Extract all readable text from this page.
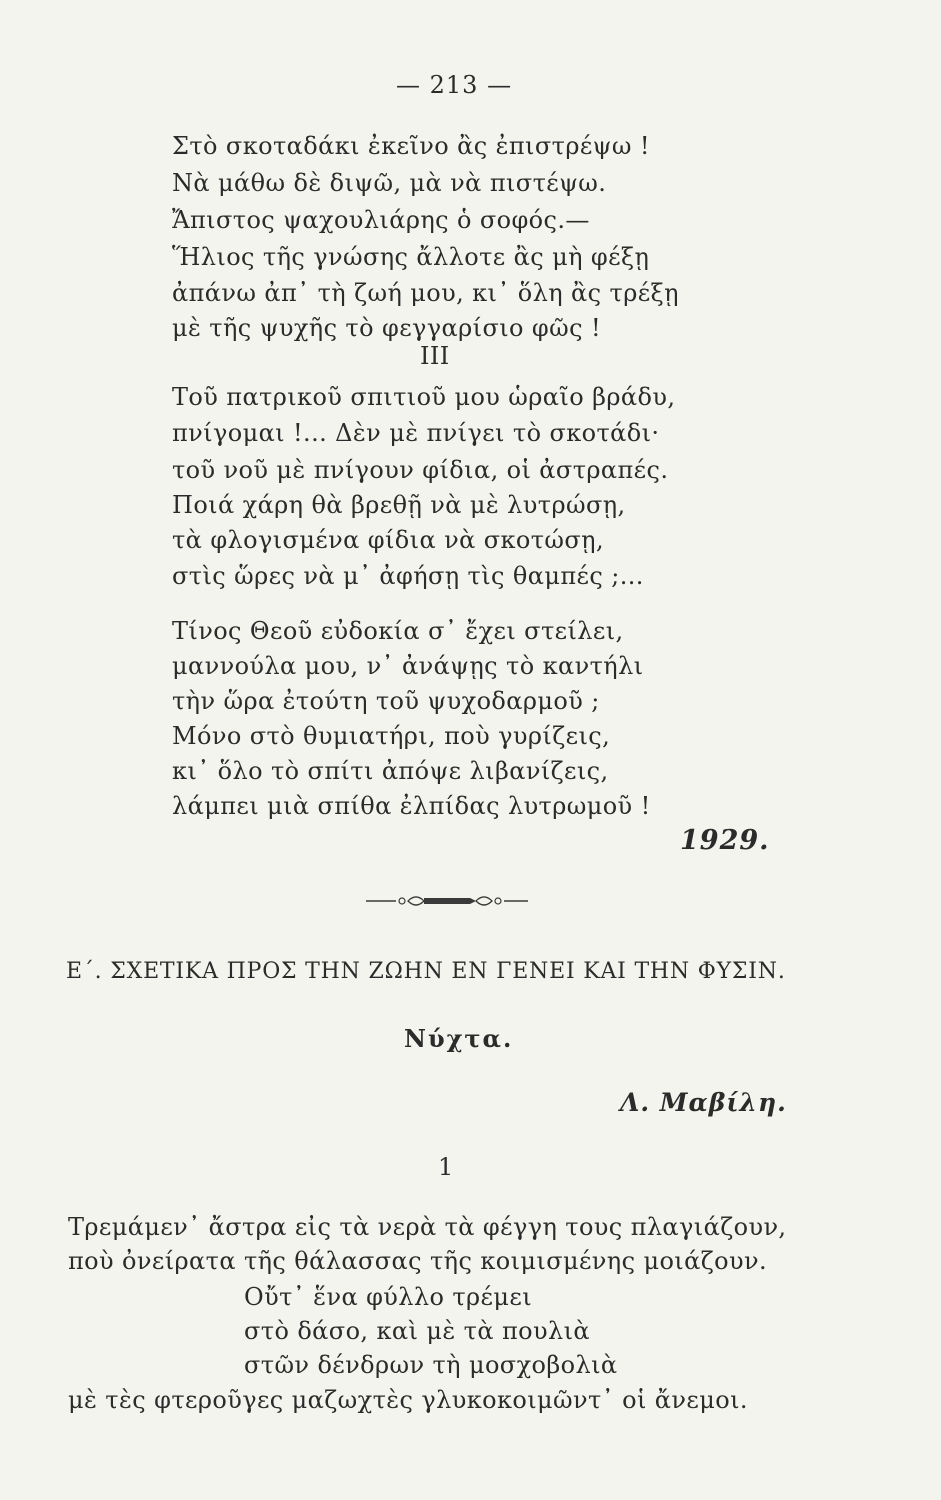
— 213 —
Στὸ σκοταδάκι ἐκεῖνο ἂς ἐπιστρέψω !
Νὰ μάθω δὲ διψῶ, μὰ νὰ πιστέψω.
Ἄπιστος ψαχουλιάρης ὁ σοφός.—
Ἥλιος τῆς γνώσης ἄλλοτε ἂς μὴ φέξῃ
ἀπάνω ἀπ᾿ τὴ ζωή μου, κι᾿ ὅλη ἂς τρέξῃ
μὲ τῆς ψυχῆς τὸ φεγγαρίσιο φῶς !
III
Τοῦ πατρικοῦ σπιτιοῦ μου ὡραῖο βράδυ,
πνίγομαι !... Δὲν μὲ πνίγει τὸ σκοτάδι·
τοῦ νοῦ μὲ πνίγουν φίδια, οἱ ἀστραπές.
Ποιά χάρη θὰ βρεθῇ νὰ μὲ λυτρώσῃ,
τὰ φλογισμένα φίδια νὰ σκοτώσῃ,
στὶς ὥρες νὰ μ᾿ ἀφήσῃ τὶς θαμπές ;...
Τίνος Θεοῦ εὐδοκία σ᾿ ἔχει στείλει,
μαννούλα μου, ν᾿ ἀνάψῃς τὸ καντήλι
τὴν ὥρα ἐτούτη τοῦ ψυχοδαρμοῦ ;
Μόνο στὸ θυμιατήρι, ποὺ γυρίζεις,
κι᾿ ὅλο τὸ σπίτι ἀπόψε λιβανίζεις,
λάμπει μιὰ σπίθα ἐλπίδας λυτρωμοῦ !
1929.
Ε΄. ΣΧΕΤΙΚΑ ΠΡΟΣ ΤΗΝ ΖΩΗΝ ΕΝ ΓΕΝΕΙ ΚΑΙ ΤΗΝ ΦΥΣΙΝ.
Νύχτα.
Λ. Μαβίλη.
1
Τρεμάμεν᾿ ἄστρα εἰς τὰ νερὰ τὰ φέγγη τους πλαγιάζουν,
ποὺ ὀνείρατα τῆς θάλασσας τῆς κοιμισμένης μοιάζουν.
Οὔτ᾿ ἕνα φύλλο τρέμει
στὸ δάσο, καὶ μὲ τὰ πουλιὰ
στῶν δένδρων τὴ μοσχοβολιὰ
μὲ τὲς φτεροῦγες μαζωχτὲς γλυκοκοιμῶντ᾿ οἱ ἄνεμοι.
